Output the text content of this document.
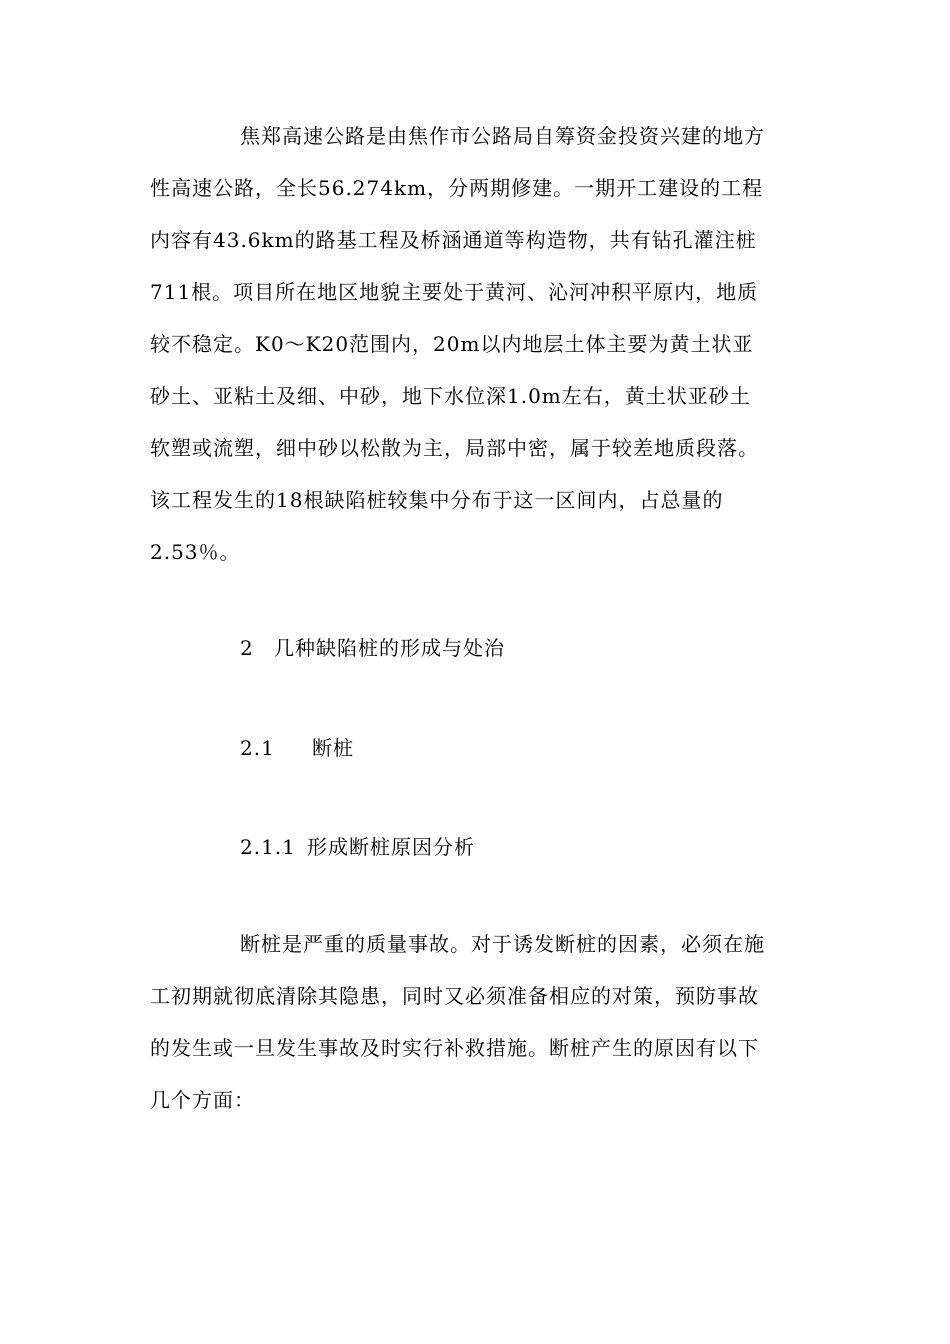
焦郑高速公路是由焦作市公路局自筹资金投资兴建的地方
性高速公路，全长56.274km，分两期修建。一期开工建设的工程
内容有43.6km的路基工程及桥涵通道等构造物，共有钻孔灌注桩
711根。项目所在地区地貌主要处于黄河、沁河冲积平原内，地质
较不稳定。K0～K20范围内，20m以内地层土体主要为黄土状亚
砂土、亚粘土及细、中砂，地下水位深1.0m左右，黄土状亚砂土
软塑或流塑，细中砂以松散为主，局部中密，属于较差地质段落。
该工程发生的18根缺陷桩较集中分布于这一区间内，占总量的
2.53％。
2 几种缺陷桩的形成与处治
2.1 断桩
2.1.1 形成断桩原因分析
断桩是严重的质量事故。对于诱发断桩的因素，必须在施
工初期就彻底清除其隐患，同时又必须准备相应的对策，预防事故
的发生或一旦发生事故及时实行补救措施。断桩产生的原因有以下
几个方面：
